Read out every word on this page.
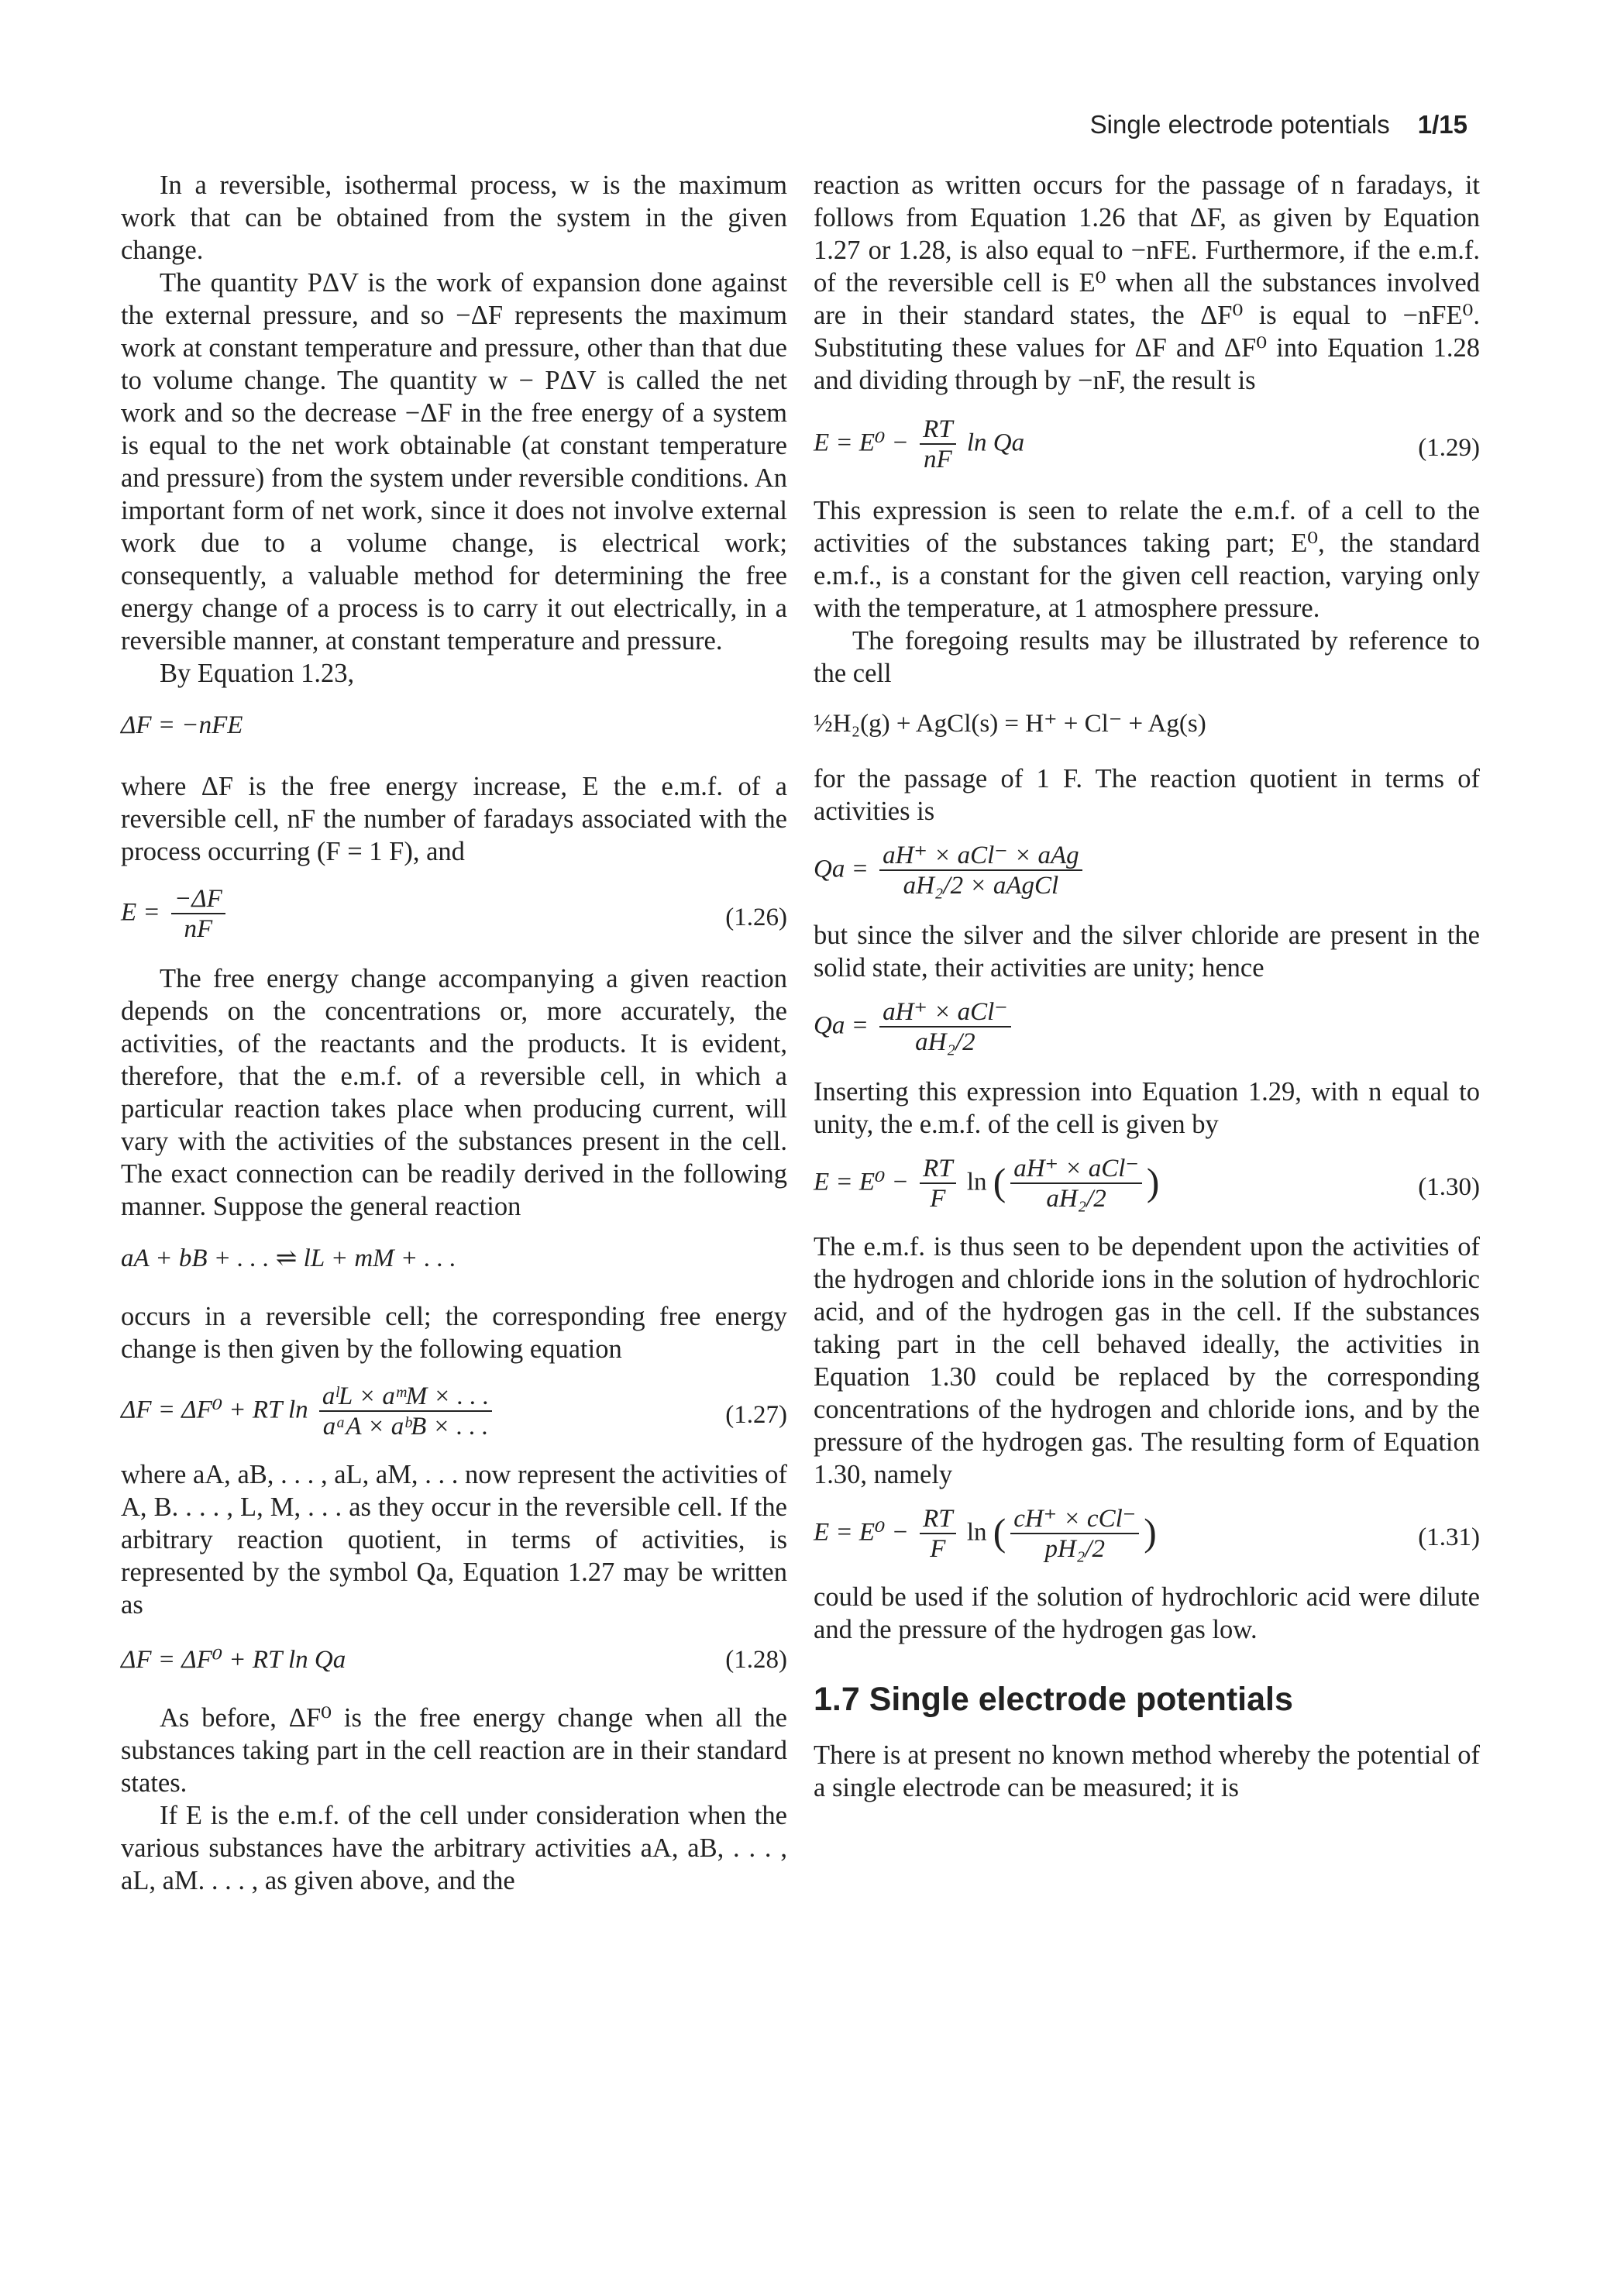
Single electrode potentials 1/15

In a reversible, isothermal process, w is the maximum work that can be obtained from the system in the given change.

The quantity PΔV is the work of expansion done against the external pressure, and so −ΔF represents the maximum work at constant temperature and pressure, other than that due to volume change. The quantity w − PΔV is called the net work and so the decrease −ΔF in the free energy of a system is equal to the net work obtainable (at constant temperature and pressure) from the system under reversible conditions. An important form of net work, since it does not involve external work due to a volume change, is electrical work; consequently, a valuable method for determining the free energy change of a process is to carry it out electrically, in a reversible manner, at constant temperature and pressure.

By Equation 1.23,

ΔF = −nFE

where ΔF is the free energy increase, E the e.m.f. of a reversible cell, nF the number of faradays associated with the process occurring (F = 1 F), and

$E = \frac{-\Delta F}{nF}$	(1.26)

The free energy change accompanying a given reaction depends on the concentrations or, more accurately, the activities, of the reactants and the products. It is evident, therefore, that the e.m.f. of a reversible cell, in which a particular reaction takes place when producing current, will vary with the activities of the substances present in the cell. The exact connection can be readily derived in the following manner. Suppose the general reaction

aA + bB + . . . ⇌ lL + mM + . . .

occurs in a reversible cell; the corresponding free energy change is then given by the following equation

ΔF = ΔF⁰ + RT $\ln \frac{\text{aˡL × aᵐM × . . .}}{\text{aᵃA × aᵇB × . . .}}$	(1.27)

where aA, aB, . . . , aL, aM, . . . now represent the activities of A, B. . . . , L, M, . . . as they occur in the reversible cell. If the arbitrary reaction quotient, in terms of activities, is represented by the symbol Qa, Equation 1.27 may be written as

ΔF = ΔF⁰ + RT ln Qa	(1.28)

As before, ΔF⁰ is the free energy change when all the substances taking part in the cell reaction are in their standard states.

If E is the e.m.f. of the cell under consideration when the various substances have the arbitrary activities aA, aB, . . . , aL, aM. . . . , as given above, and the

reaction as written occurs for the passage of n faradays, it follows from Equation 1.26 that ΔF, as given by Equation 1.27 or 1.28, is also equal to −nFE. Furthermore, if the e.m.f. of the reversible cell is E⁰ when all the substances involved are in their standard states, the ΔF⁰ is equal to −nFE⁰. Substituting these values for ΔF and ΔF⁰ into Equation 1.28 and dividing through by −nF, the result is

$E = E^0 - \frac{RT}{nF}$ ln Qa	(1.29)

This expression is seen to relate the e.m.f. of a cell to the activities of the substances taking part; E⁰, the standard e.m.f., is a constant for the given cell reaction, varying only with the temperature, at 1 atmosphere pressure.

The foregoing results may be illustrated by reference to the cell

½H₂(g) + AgCl(s) = H⁺ + Cl⁻ + Ag(s)

for the passage of 1 F. The reaction quotient in terms of activities is

$Qa = \frac{\text{aH⁺ × aCl⁻ × aAg}}{\text{aH₂/2 × aAgCl}}$

but since the silver and the silver chloride are present in the solid state, their activities are unity; hence

$Qa = \frac{\text{aH⁺ × aCl⁻}}{\text{aH₂/2}}$

Inserting this expression into Equation 1.29, with n equal to unity, the e.m.f. of the cell is given by

$E = E^0 - \frac{RT}{F}$ ln ( $\frac{\text{aH⁺ × aCl⁻}}{\text{aH₂/2}}$ )	(1.30)

The e.m.f. is thus seen to be dependent upon the activities of the hydrogen and chloride ions in the solution of hydrochloric acid, and of the hydrogen gas in the cell. If the substances taking part in the cell behaved ideally, the activities in Equation 1.30 could be replaced by the corresponding concentrations of the hydrogen and chloride ions, and by the pressure of the hydrogen gas. The resulting form of Equation 1.30, namely

$E = E^0 - \frac{RT}{F}$ ln ( $\frac{\text{cH⁺ × cCl⁻}}{\text{pH₂/2}}$ )	(1.31)

could be used if the solution of hydrochloric acid were dilute and the pressure of the hydrogen gas low.

1.7 Single electrode potentials

There is at present no known method whereby the potential of a single electrode can be measured; it is
